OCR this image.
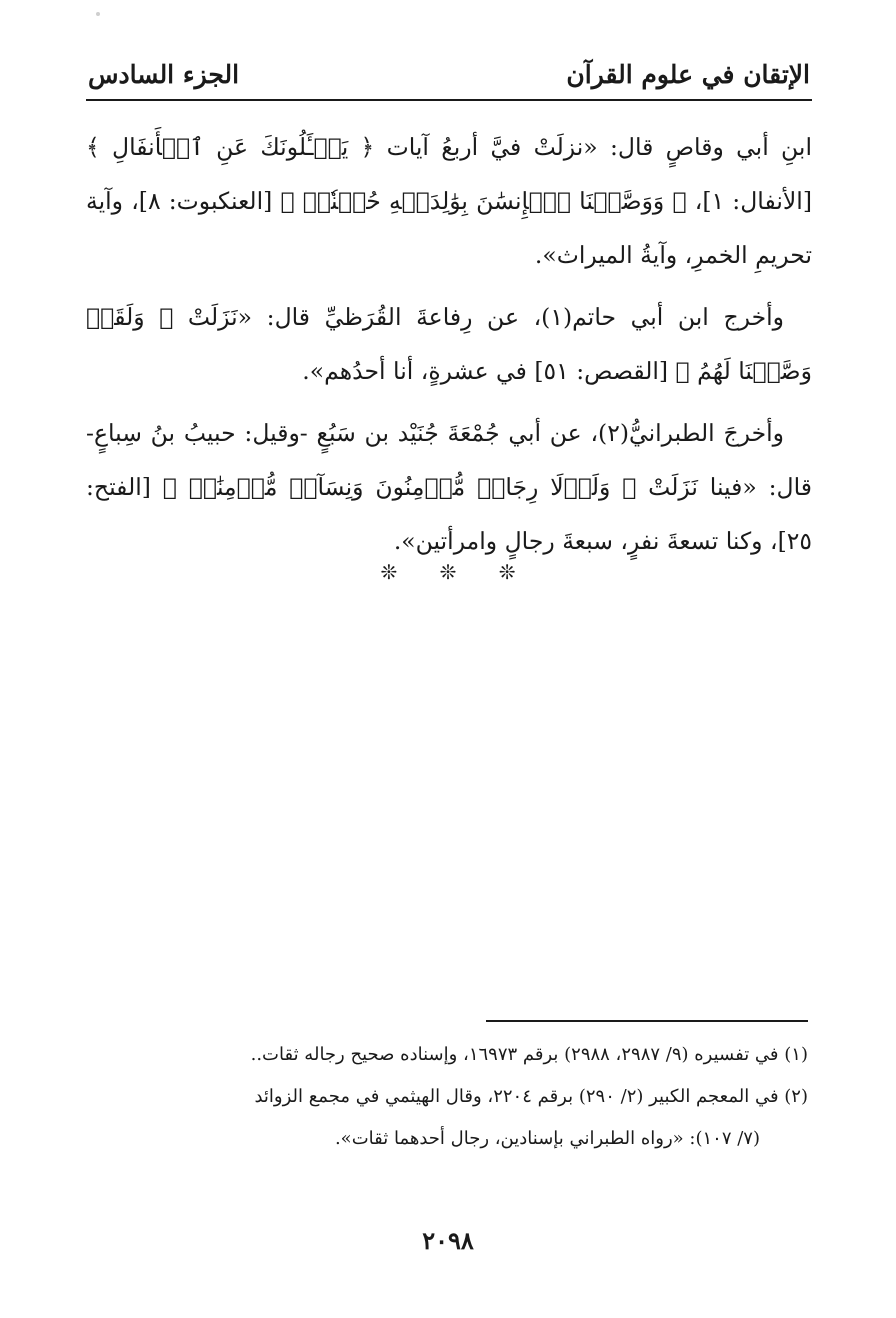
الإتقان في علوم القرآن
الجزء السادس

ابنِ أبي وقاصٍ قال: «نزلَتْ فيَّ أربعُ آيات ﴿ يَسۡـَٔلُونَكَ عَنِ ٱلۡأَنفَالِ ﴾ [الأنفال: ١]، ﴿ وَوَصَّيۡنَا ٱلۡإِنسَٰنَ بِوَٰلِدَيۡهِ حُسۡنٗاۖ ﴾ [العنكبوت: ٨]، وآية تحريمِ الخمرِ، وآيةُ الميراث».

وأخرج ابن أبي حاتم(١)، عن رِفاعةَ القُرَظيِّ قال: «نَزَلَتْ ﴿ وَلَقَدۡ وَصَّلۡنَا لَهُمُ ﴾ [القصص: ٥١] في عشرةٍ، أنا أحدُهم».

وأخرجَ الطبرانيُّ(٢)، عن أبي جُمْعَةَ جُنَيْد بن سَبُعٍ -وقيل: حبيبُ بنُ سِباعٍ- قال: «فينا نَزَلَتْ ﴿ وَلَوۡلَا رِجَالٞ مُّؤۡمِنُونَ وَنِسَآءٞ مُّؤۡمِنَٰتٞ ﴾ [الفتح: ٢٥]، وكنا تسعةَ نفرٍ، سبعةَ رجالٍ وامرأتين».

❊ ❊ ❊

(١) في تفسيره (٩/ ٢٩٨٧، ٢٩٨٨) برقم ١٦٩٧٣، وإسناده صحيح رجاله ثقات..

(٢) في المعجم الكبير (٢/ ٢٩٠) برقم ٢٢٠٤، وقال الهيثمي في مجمع الزوائد

(٧/ ١٠٧): «رواه الطبراني بإسنادين، رجال أحدهما ثقات».

٢٠٩٨
